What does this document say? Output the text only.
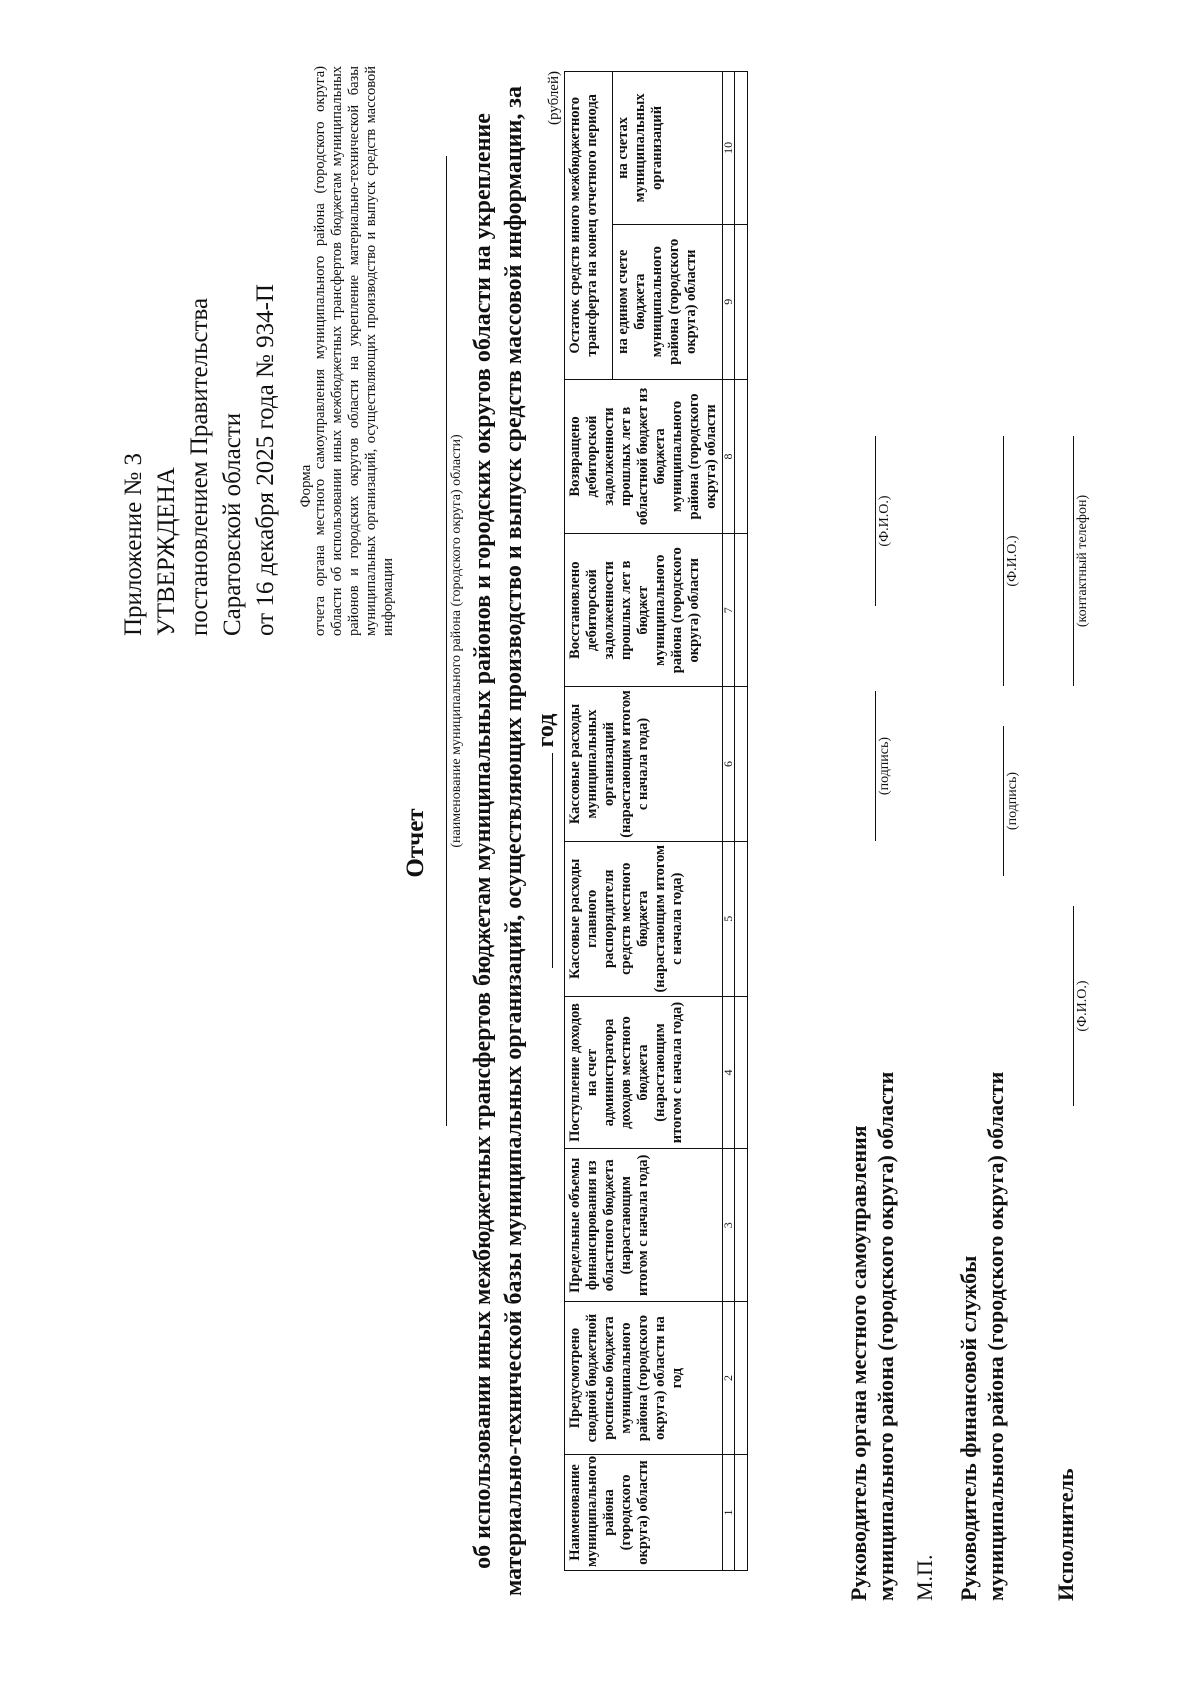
Приложение № 3 УТВЕРЖДЕНА постановлением Правительства Саратовской области от 16 декабря 2025 года № 934-П Форма
отчета органа местного самоуправления муниципального района (городского округа) области об использовании иных межбюджетных трансфертов бюджетам муниципальных районов и городских округов области на укрепление материально-технической базы муниципальных организаций, осуществляющих производство и выпуск средств массовой информации
Отчет (наименование муниципального района (городского округа) области) об использовании иных межбюджетных трансфертов бюджетам муниципальных районов и городских округов области на укрепление материально-технической базы муниципальных организаций, осуществляющих производство и выпуск средств массовой информации, за год
(рублей)
Наименование муниципального района (городского округа) области	Предусмотрено сводной бюджетной росписью бюджета муниципального района (городского округа) области на год	Предельные объемы финансирования из областного бюджета (нарастающим итогом с начала года)	Поступление доходов на счет администратора доходов местного бюджета (нарастающим итогом с начала года)	Кассовые расходы главного распорядителя средств местного бюджета (нарастающим итогом с начала года)	Кассовые расходы муниципальных организаций (нарастающим итогом с начала года)	Восстановлено дебиторской задолженности прошлых лет в бюджет муниципального района (городского округа) области	Возвращено дебиторской задолженности прошлых лет в областной бюджет из бюджета муниципального района (городского округа) области	Остаток средств иного межбюджетного трансферта на конец отчетного периода	
								на едином счете бюджета муниципального района (городского округа) области	на счетах муниципальных организаций
1	2	3	4	5	6	7	8	9	10

Руководитель органа местного самоуправления муниципального района (городского округа) области
(подпись)
(Ф.И.О.)
М.П. Руководитель финансовой службы муниципального района (городского округа) области
(подпись)
(Ф.И.О.)
Исполнитель
(Ф.И.О.)
(контактный телефон)
